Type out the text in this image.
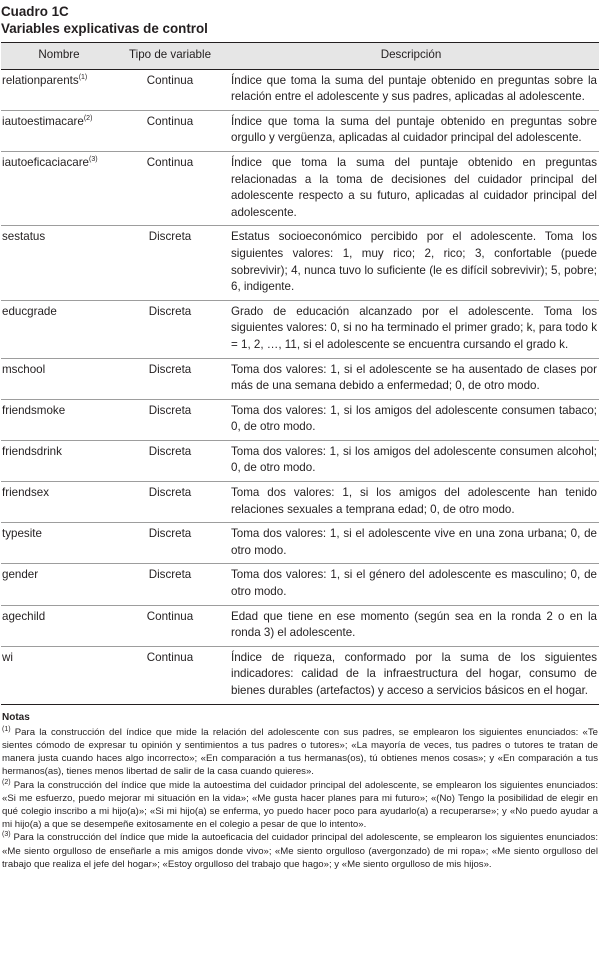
Cuadro 1C
Variables explicativas de control
Nombre	Tipo de variable	Descripción
relationparents$^{(1)}$	Continua	Índice que toma la suma del puntaje obtenido en preguntas sobre la relación entre el adolescente y sus padres, aplicadas al adolescente.
iautoestimacare$^{(2)}$	Continua	Índice que toma la suma del puntaje obtenido en preguntas sobre orgullo y vergüenza, aplicadas al cuidador principal del adolescente.
iautoeficaciacare$^{(3)}$	Continua	Índice que toma la suma del puntaje obtenido en preguntas relacionadas a la toma de decisiones del cuidador principal del adolescente respecto a su futuro, aplicadas al cuidador principal del adolescente.
sestatus	Discreta	Estatus socioeconómico percibido por el adolescente. Toma los siguientes valores: 1, muy rico; 2, rico; 3, confortable (puede sobrevivir); 4, nunca tuvo lo suficiente (le es difícil sobrevivir); 5, pobre; 6, indigente.
educgrade	Discreta	Grado de educación alcanzado por el adolescente. Toma los siguientes valores: 0, si no ha terminado el primer grado; k, para todo k = 1, 2, …, 11, si el adolescente se encuentra cursando el grado k.
mschool	Discreta	Toma dos valores: 1, si el adolescente se ha ausentado de clases por más de una semana debido a enfermedad; 0, de otro modo.
friendsmoke	Discreta	Toma dos valores: 1, si los amigos del adolescente consumen tabaco; 0, de otro modo.
friendsdrink	Discreta	Toma dos valores: 1, si los amigos del adolescente consumen alcohol; 0, de otro modo.
friendsex	Discreta	Toma dos valores: 1, si los amigos del adolescente han tenido relaciones sexuales a temprana edad; 0, de otro modo.
typesite	Discreta	Toma dos valores: 1, si el adolescente vive en una zona urbana; 0, de otro modo.
gender	Discreta	Toma dos valores: 1, si el género del adolescente es masculino; 0, de otro modo.
agechild	Continua	Edad que tiene en ese momento (según sea en la ronda 2 o en la ronda 3) el adolescente.
wi	Continua	Índice de riqueza, conformado por la suma de los siguientes indicadores: calidad de la infraestructura del hogar, consumo de bienes durables (artefactos) y acceso a servicios básicos en el hogar.
Notas

$^{(1)}$ Para la construcción del índice que mide la relación del adolescente con sus padres, se emplearon los siguientes enunciados: «Te sientes cómodo de expresar tu opinión y sentimientos a tus padres o tutores»; «La mayoría de veces, tus padres o tutores te tratan de manera justa cuando haces algo incorrecto»; «En comparación a tus hermanas(os), tú obtienes menos cosas»; y «En comparación a tus hermanos(as), tienes menos libertad de salir de la casa cuando quieres».

$^{(2)}$ Para la construcción del índice que mide la autoestima del cuidador principal del adolescente, se emplearon los siguientes enunciados: «Si me esfuerzo, puedo mejorar mi situación en la vida»; «Me gusta hacer planes para mi futuro»; «(No) Tengo la posibilidad de elegir en qué colegio inscribo a mi hijo(a)»; «Si mi hijo(a) se enferma, yo puedo hacer poco para ayudarlo(a) a recuperarse»; y «No puedo ayudar a mi hijo(a) a que se desempeñe exitosamente en el colegio a pesar de que lo intento».

$^{(3)}$ Para la construcción del índice que mide la autoeficacia del cuidador principal del adolescente, se emplearon los siguientes enunciados: «Me siento orgulloso de enseñarle a mis amigos donde vivo»; «Me siento orgulloso (avergonzado) de mi ropa»; «Me siento orgulloso del trabajo que realiza el jefe del hogar»; «Estoy orgulloso del trabajo que hago»; y «Me siento orgulloso de mis hijos».
